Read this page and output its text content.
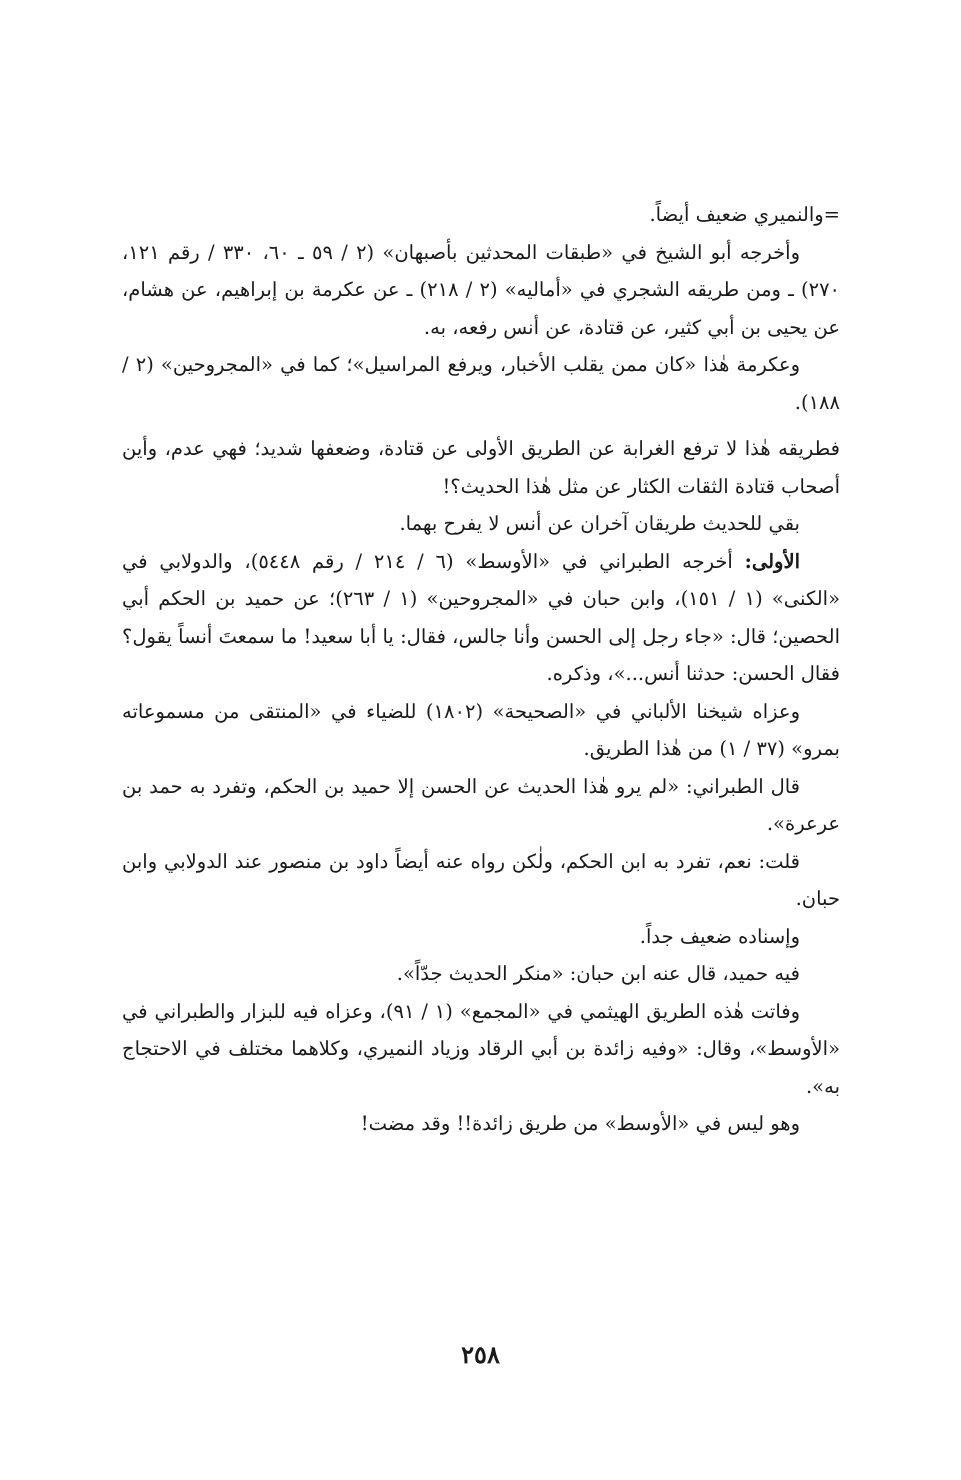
=والنميري ضعيف أيضاً.

وأخرجه أبو الشيخ في «طبقات المحدثين بأصبهان» (٢ / ٥٩ ـ ٦٠، ٣٣٠ / رقم ١٢١، ٢٧٠) ـ ومن طريقه الشجري في «أماليه» (٢ / ٢١٨) ـ عن عكرمة بن إبراهيم، عن هشام، عن يحيى بن أبي كثير، عن قتادة، عن أنس رفعه، به.

وعكرمة هٰذا «كان ممن يقلب الأخبار، ويرفع المراسيل»؛ كما في «المجروحين» (٢ / ١٨٨).

فطريقه هٰذا لا ترفع الغرابة عن الطريق الأولى عن قتادة، وضعفها شديد؛ فهي عدم، وأين أصحاب قتادة الثقات الكثار عن مثل هٰذا الحديث؟!

بقي للحديث طريقان آخران عن أنس لا يفرح بهما.

الأولى: أخرجه الطبراني في «الأوسط» (٦ / ٢١٤ / رقم ٥٤٤٨)، والدولابي في «الكنى» (١ / ١٥١)، وابن حبان في «المجروحين» (١ / ٢٦٣)؛ عن حميد بن الحكم أبي الحصين؛ قال: «جاء رجل إلى الحسن وأنا جالس، فقال: يا أبا سعيد! ما سمعتَ أنساً يقول؟ فقال الحسن: حدثنا أنس...»، وذكره.

وعزاه شيخنا الألباني في «الصحيحة» (١٨٠٢) للضياء في «المنتقى من مسموعاته بمرو» (٣٧ / ١) من هٰذا الطريق.

قال الطبراني: «لم يرو هٰذا الحديث عن الحسن إلا حميد بن الحكم، وتفرد به حمد بن عرعرة».

قلت: نعم، تفرد به ابن الحكم، ولٰكن رواه عنه أيضاً داود بن منصور عند الدولابي وابن حبان.

وإسناده ضعيف جداً.

فيه حميد، قال عنه ابن حبان: «منكر الحديث جدّاً».

وفاتت هٰذه الطريق الهيثمي في «المجمع» (١ / ٩١)، وعزاه فيه للبزار والطبراني في «الأوسط»، وقال: «وفيه زائدة بن أبي الرقاد وزياد النميري، وكلاهما مختلف في الاحتجاج به».

وهو ليس في «الأوسط» من طريق زائدة!! وقد مضت!

٢٥٨
